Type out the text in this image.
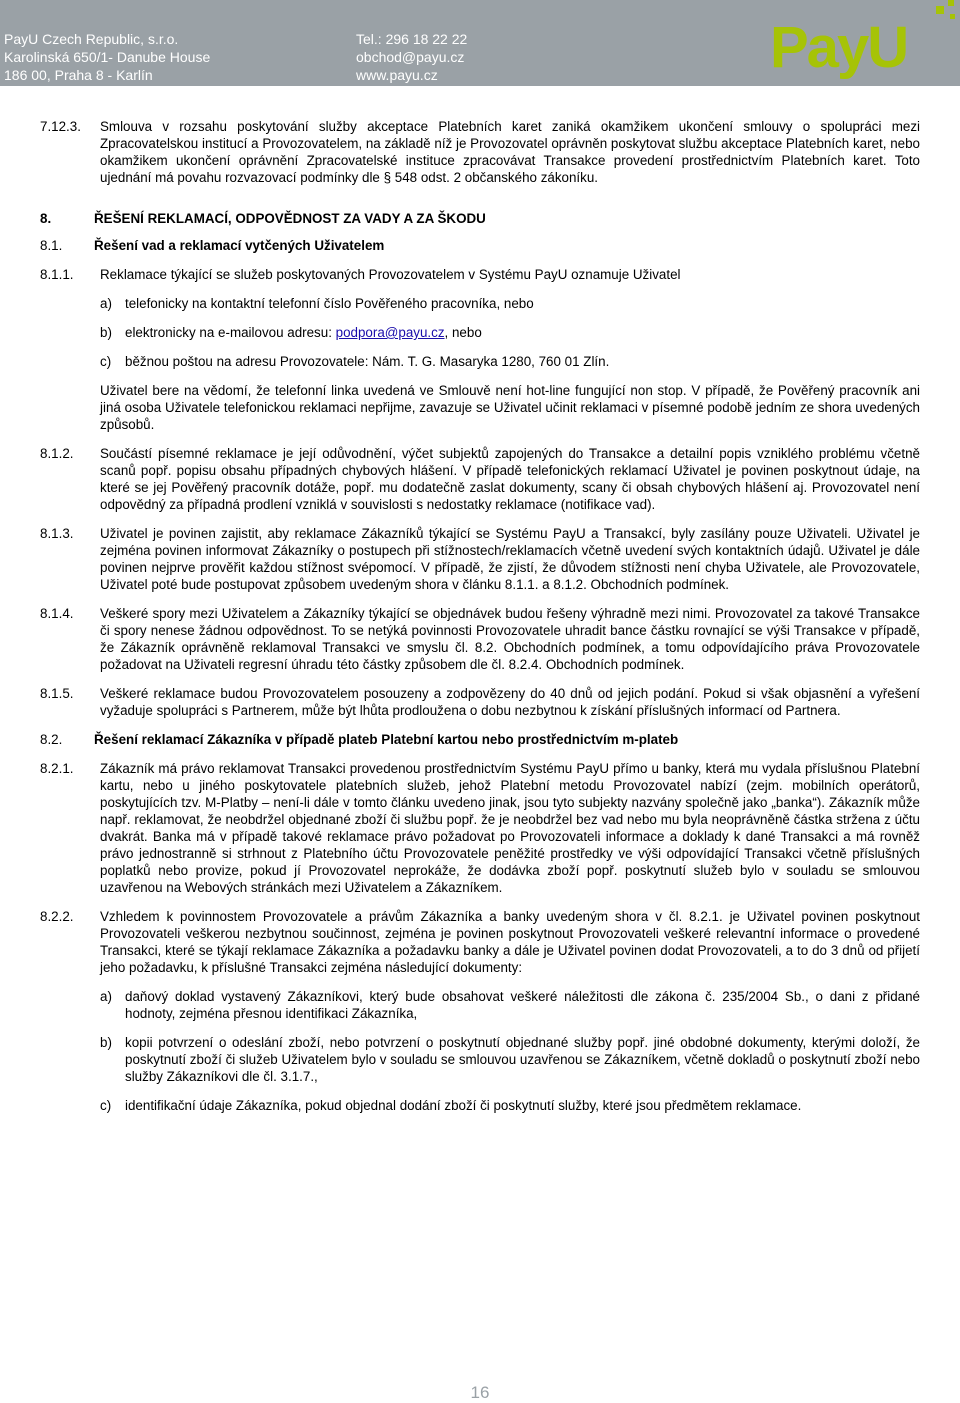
PayU Czech Republic, s.r.o.
Karolinská 650/1- Danube House
186 00, Praha 8 - Karlín
Tel.: 296 18 22 22
obchod@payu.cz
www.payu.cz	PayU
7.12.3. Smlouva v rozsahu poskytování služby akceptace Platebních karet zaniká okamžikem ukončení smlouvy o spolupráci mezi Zpracovatelskou institucí a Provozovatelem, na základě níž je Provozovatel oprávněn poskytovat službu akceptace Platebních karet, nebo okamžikem ukončení oprávnění Zpracovatelské instituce zpracovávat Transakce provedení prostřednictvím Platebních karet. Toto ujednání má povahu rozvazovací podmínky dle § 548 odst. 2 občanského zákoníku.
8.	ŘEŠENÍ REKLAMACÍ, ODPOVĚDNOST ZA VADY A ZA ŠKODU
8.1. Řešení vad a reklamací vytčených Uživatelem
8.1.1. Reklamace týkající se služeb poskytovaných Provozovatelem v Systému PayU oznamuje Uživatel
a) telefonicky na kontaktní telefonní číslo Pověřeného pracovníka, nebo
b) elektronicky na e-mailovou adresu: podpora@payu.cz, nebo
c) běžnou poštou na adresu Provozovatele: Nám. T. G. Masaryka 1280, 760 01 Zlín.
Uživatel bere na vědomí, že telefonní linka uvedená ve Smlouvě není hot-line fungující non stop. V případě, že Pověřený pracovník ani jiná osoba Uživatele telefonickou reklamaci nepřijme, zavazuje se Uživatel učinit reklamaci v písemné podobě jedním ze shora uvedených způsobů.
8.1.2. Součástí písemné reklamace je její odůvodnění, výčet subjektů zapojených do Transakce a detailní popis vzniklého problému včetně scanů popř. popisu obsahu případných chybových hlášení. V případě telefonických reklamací Uživatel je povinen poskytnout údaje, na které se jej Pověřený pracovník dotáže, popř. mu dodatečně zaslat dokumenty, scany či obsah chybových hlášení aj. Provozovatel není odpovědný za případná prodlení vzniklá v souvislosti s nedostatky reklamace (notifikace vad).
8.1.3. Uživatel je povinen zajistit, aby reklamace Zákazníků týkající se Systému PayU a Transakcí, byly zasílány pouze Uživateli. Uživatel je zejména povinen informovat Zákazníky o postupech při stížnostech/reklamacích včetně uvedení svých kontaktních údajů. Uživatel je dále povinen nejprve prověřit každou stížnost svépomocí. V případě, že zjistí, že důvodem stížnosti není chyba Uživatele, ale Provozovatele, Uživatel poté bude postupovat způsobem uvedeným shora v článku 8.1.1. a 8.1.2. Obchodních podmínek.
8.1.4. Veškeré spory mezi Uživatelem a Zákazníky týkající se objednávek budou řešeny výhradně mezi nimi. Provozovatel za takové Transakce či spory nenese žádnou odpovědnost. To se netýká povinnosti Provozovatele uhradit bance částku rovnající se výši Transakce v případě, že Zákazník oprávněně reklamoval Transakci ve smyslu čl. 8.2. Obchodních podmínek, a tomu odpovídajícího práva Provozovatele požadovat na Uživateli regresní úhradu této částky způsobem dle čl. 8.2.4. Obchodních podmínek.
8.1.5. Veškeré reklamace budou Provozovatelem posouzeny a zodpovězeny do 40 dnů od jejich podání. Pokud si však objasnění a vyřešení vyžaduje spolupráci s Partnerem, může být lhůta prodloužena o dobu nezbytnou k získání příslušných informací od Partnera.
8.2. Řešení reklamací Zákazníka v případě plateb Platební kartou nebo prostřednictvím m-plateb
8.2.1. Zákazník má právo reklamovat Transakci provedenou prostřednictvím Systému PayU přímo u banky, která mu vydala příslušnou Platební kartu, nebo u jiného poskytovatele platebních služeb, jehož Platební metodu Provozovatel nabízí (zejm. mobilních operátorů, poskytujících tzv. M-Platby – není-li dále v tomto článku uvedeno jinak, jsou tyto subjekty nazvány společně jako „banka“). Zákazník může např. reklamovat, že neobdržel objednané zboží či službu popř. že je neobdržel bez vad nebo mu byla neoprávněně částka stržena z účtu dvakrát. Banka má v případě takové reklamace právo požadovat po Provozovateli informace a doklady k dané Transakci a má rovněž právo jednostranně si strhnout z Platebního účtu Provozovatele peněžité prostředky ve výši odpovídající Transakci včetně příslušných poplatků nebo provize, pokud jí Provozovatel neprokáže, že dodávka zboží popř. poskytnutí služeb bylo v souladu se smlouvou uzavřenou na Webových stránkách mezi Uživatelem a Zákazníkem.
8.2.2. Vzhledem k povinnostem Provozovatele a právům Zákazníka a banky uvedeným shora v čl. 8.2.1. je Uživatel povinen poskytnout Provozovateli veškerou nezbytnou součinnost, zejména je povinen poskytnout Provozovateli veškeré relevantní informace o provedené Transakci, které se týkají reklamace Zákazníka a požadavku banky a dále je Uživatel povinen dodat Provozovateli, a to do 3 dnů od přijetí jeho požadavku, k příslušné Transakci zejména následující dokumenty:
a) daňový doklad vystavený Zákazníkovi, který bude obsahovat veškeré náležitosti dle zákona č. 235/2004 Sb., o dani z přidané hodnoty, zejména přesnou identifikaci Zákazníka,
b) kopii potvrzení o odeslání zboží, nebo potvrzení o poskytnutí objednané služby popř. jiné obdobné dokumenty, kterými doloží, že poskytnutí zboží či služeb Uživatelem bylo v souladu se smlouvou uzavřenou se Zákazníkem, včetně dokladů o poskytnutí zboží nebo služby Zákazníkovi dle čl. 3.1.7.,
c) identifikační údaje Zákazníka, pokud objednal dodání zboží či poskytnutí služby, které jsou předmětem reklamace.
16
